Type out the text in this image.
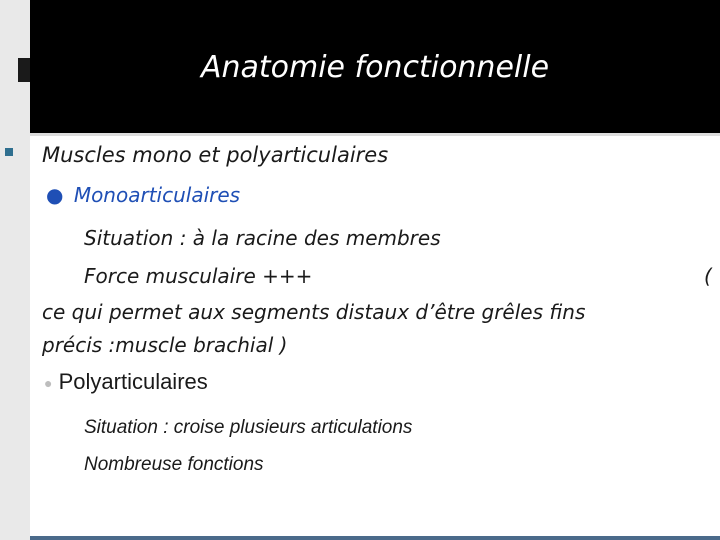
Anatomie fonctionnelle
Muscles mono et polyarticulaires
● Monoarticulaires
Situation : à la racine des membres
Force musculaire +++	(
ce qui permet aux segments distaux d’être grêles fins
précis :muscle brachial )
● Polyarticulaires
Situation : croise plusieurs articulations
Nombreuse fonctions
